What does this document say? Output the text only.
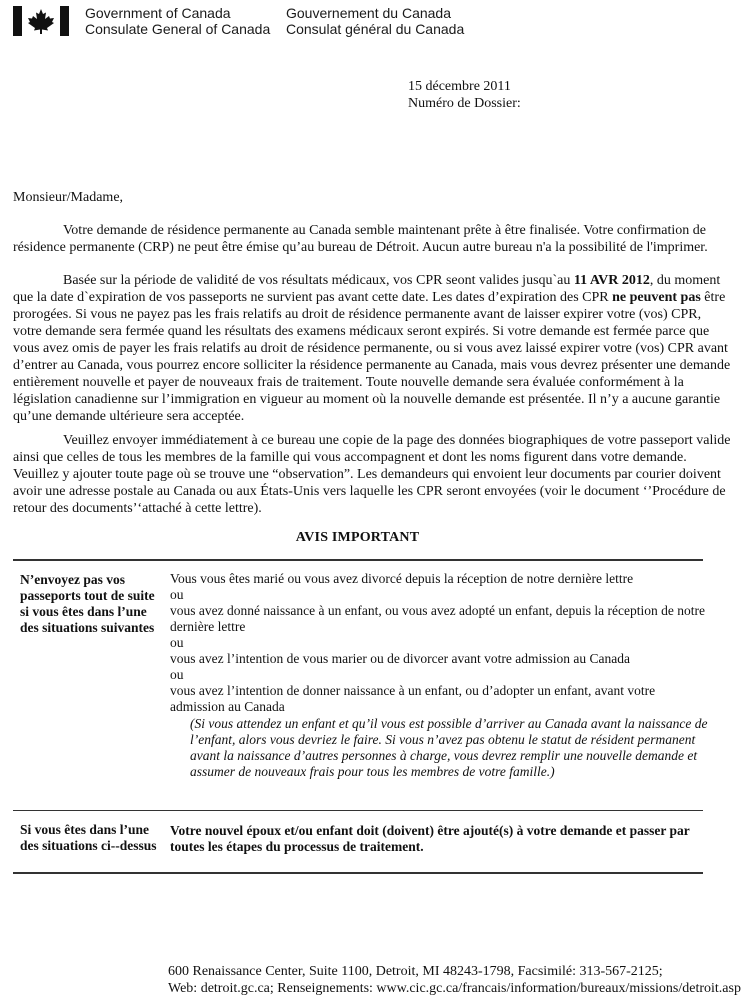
Government of Canada
Consulate General of Canada
Gouvernement du Canada
Consulat général du Canada
15 décembre 2011
Numéro de Dossier:
Monsieur/Madame,

Votre demande de résidence permanente au Canada semble maintenant prête à être finalisée. Votre confirmation de résidence permanente (CRP) ne peut être émise qu’au bureau de Détroit. Aucun autre bureau n'a la possibilité de l'imprimer.

Basée sur la période de validité de vos résultats médicaux, vos CPR seont valides jusqu`au 11 AVR 2012, du moment que la date d`expiration de vos passeports ne survient pas avant cette date. Les dates d’expiration des CPR ne peuvent pas être prorogées. Si vous ne payez pas les frais relatifs au droit de résidence permanente avant de laisser expirer votre (vos) CPR, votre demande sera fermée quand les résultats des examens médicaux seront expirés. Si votre demande est fermée parce que vous avez omis de payer les frais relatifs au droit de résidence permanente, ou si vous avez laissé expirer votre (vos) CPR avant d’entrer au Canada, vous pourrez encore solliciter la résidence permanente au Canada, mais vous devrez présenter une demande entièrement nouvelle et payer de nouveaux frais de traitement. Toute nouvelle demande sera évaluée conformément à la législation canadienne sur l’immigration en vigueur au moment où la nouvelle demande est présentée. Il n’y a aucune garantie qu’une demande ultérieure sera acceptée.

Veuillez envoyer immédiatement à ce bureau une copie de la page des données biographiques de votre passeport valide ainsi que celles de tous les membres de la famille qui vous accompagnent et dont les noms figurent dans votre demande. Veuillez y ajouter toute page où se trouve une “observation”. Les demandeurs qui envoient leur documents par courier doivent avoir une adresse postale au Canada ou aux États-Unis vers laquelle les CPR seront envoyées (voir le document ‘’Procédure de retour des documents’‘attaché à cette lettre).

AVIS IMPORTANT
N’envoyez pas vos passeports tout de suite si vous êtes dans l’une des situations suivantes
Vous vous êtes marié ou vous avez divorcé depuis la réception de notre dernière lettre
ou
vous avez donné naissance à un enfant, ou vous avez adopté un enfant, depuis la réception de notre dernière lettre
ou
vous avez l’intention de vous marier ou de divorcer avant votre admission au Canada
ou
vous avez l’intention de donner naissance à un enfant, ou d’adopter un enfant, avant votre admission au Canada
(Si vous attendez un enfant et qu’il vous est possible d’arriver au Canada avant la naissance de l’enfant, alors vous devriez le faire. Si vous n’avez pas obtenu le statut de résident permanent avant la naissance d’autres personnes à charge, vous devrez remplir une nouvelle demande et assumer de nouveaux frais pour tous les membres de votre famille.)
Si vous êtes dans l’une des situations ci--dessus
Votre nouvel époux et/ou enfant doit (doivent) être ajouté(s) à votre demande et passer par toutes les étapes du processus de traitement.
600 Renaissance Center, Suite 1100, Detroit, MI 48243-1798, Facsimilé: 313-567-2125;
Web: detroit.gc.ca; Renseignements: www.cic.gc.ca/francais/information/bureaux/missions/detroit.asp
